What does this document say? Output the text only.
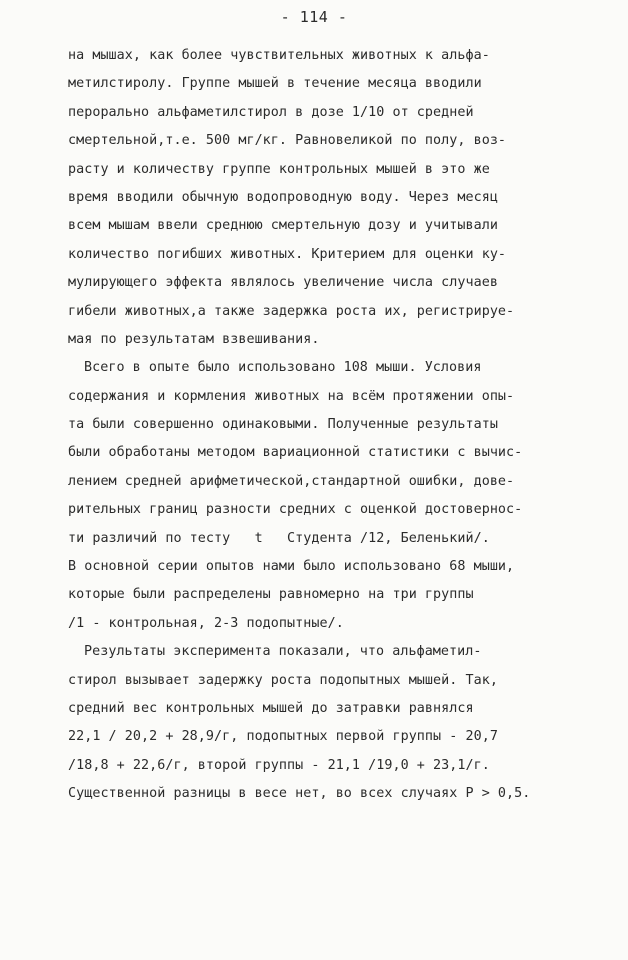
- 114 -
на мышах, как более чувствительных животных к альфа-
метилстиролу. Группе мышей в течение месяца вводили
перорально альфаметилстирол в дозе 1/10 от средней
смертельной,т.е. 500 мг/кг. Равновеликой по полу, воз-
расту и количеству группе контрольных мышей в это же
время вводили обычную водопроводную воду. Через месяц
всем мышам ввели среднюю смертельную дозу и учитывали
количество погибших животных. Критерием для оценки ку-
мулирующего эффекта являлось увеличение числа случаев
гибели животных,а также задержка роста их, регистрируе-
мая по результатам взвешивания.
Всего в опыте было использовано 108 мыши. Условия
содержания и кормления животных на всём протяжении опы-
та были совершенно одинаковыми. Полученные результаты
были обработаны методом вариационной статистики с вычис-
лением средней арифметической,стандартной ошибки, дове-
рительных границ разности средних с оценкой достоверноc-
ти различий по тесту   t   Студента /12, Беленький/.
В основной серии опытов нами было использовано 68 мыши,
которые были распределены равномерно на три группы
/1 - контрольная, 2-3 подопытные/.
Результаты эксперимента показали, что альфаметил-
стирол вызывает задержку роста подопытных мышей. Так,
средний вес контрольных мышей до затравки равнялся
22,1 / 20,2 + 28,9/г, подопытных первой группы - 20,7
/18,8 + 22,6/г, второй группы - 21,1 /19,0 + 23,1/г.
Существенной разницы в весе нет, во всех случаях P > 0,5.
